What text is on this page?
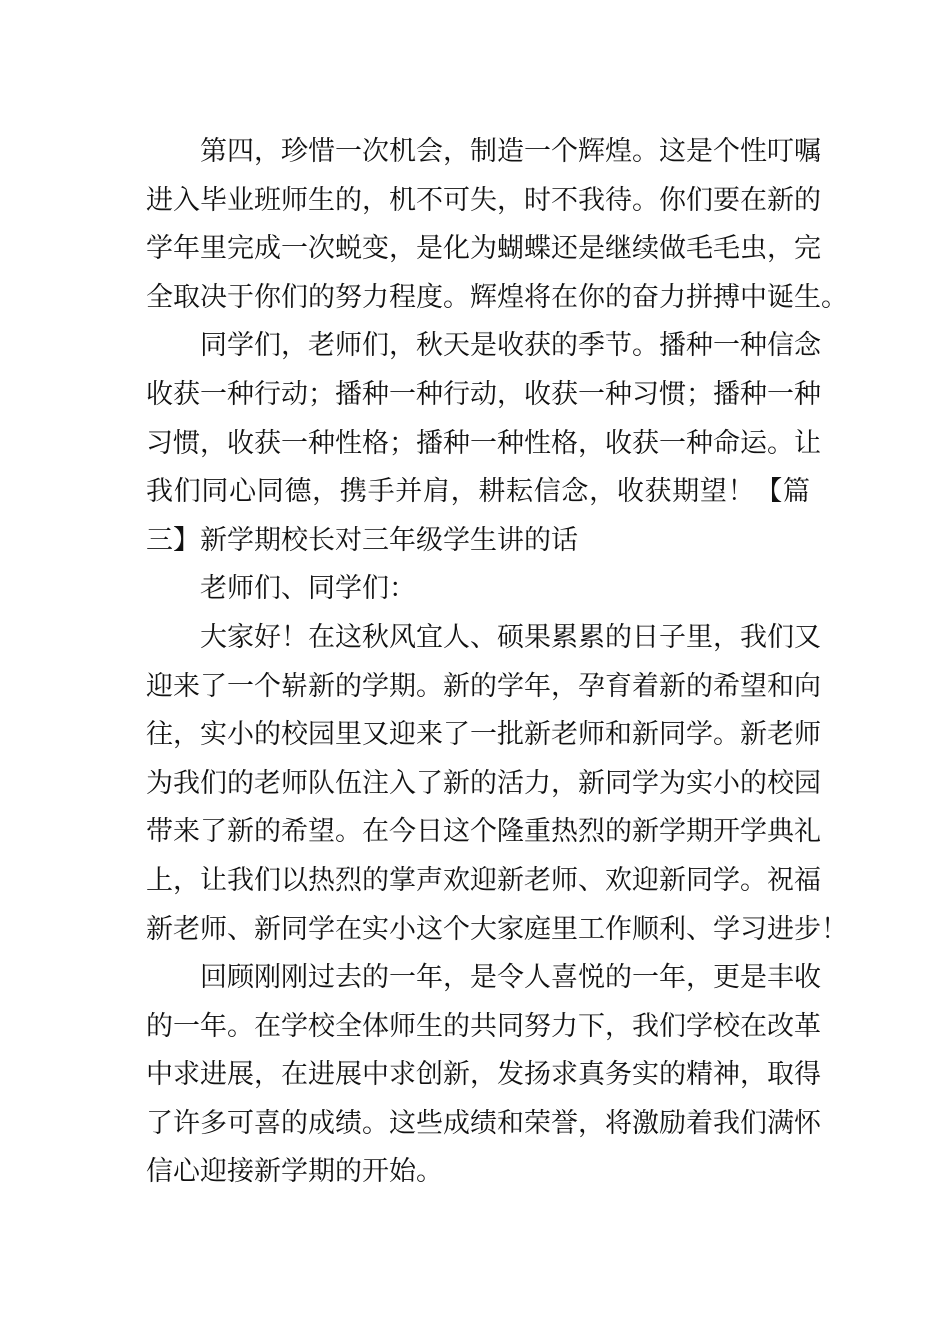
第四，珍惜一次机会，制造一个辉煌。这是个性叮嘱
进入毕业班师生的，机不可失，时不我待。你们要在新的
学年里完成一次蜕变，是化为蝴蝶还是继续做毛毛虫，完
全取决于你们的努力程度。辉煌将在你的奋力拼搏中诞生。
同学们，老师们，秋天是收获的季节。播种一种信念
收获一种行动；播种一种行动，收获一种习惯；播种一种
习惯，收获一种性格；播种一种性格，收获一种命运。让
我们同心同德，携手并肩，耕耘信念，收获期望！【篇
三】新学期校长对三年级学生讲的话
老师们、同学们：
大家好！在这秋风宜人、硕果累累的日子里，我们又
迎来了一个崭新的学期。新的学年，孕育着新的希望和向
往，实小的校园里又迎来了一批新老师和新同学。新老师
为我们的老师队伍注入了新的活力，新同学为实小的校园
带来了新的希望。在今日这个隆重热烈的新学期开学典礼
上，让我们以热烈的掌声欢迎新老师、欢迎新同学。祝福
新老师、新同学在实小这个大家庭里工作顺利、学习进步！
回顾刚刚过去的一年，是令人喜悦的一年，更是丰收
的一年。在学校全体师生的共同努力下，我们学校在改革
中求进展，在进展中求创新，发扬求真务实的精神，取得
了许多可喜的成绩。这些成绩和荣誉，将激励着我们满怀
信心迎接新学期的开始。
